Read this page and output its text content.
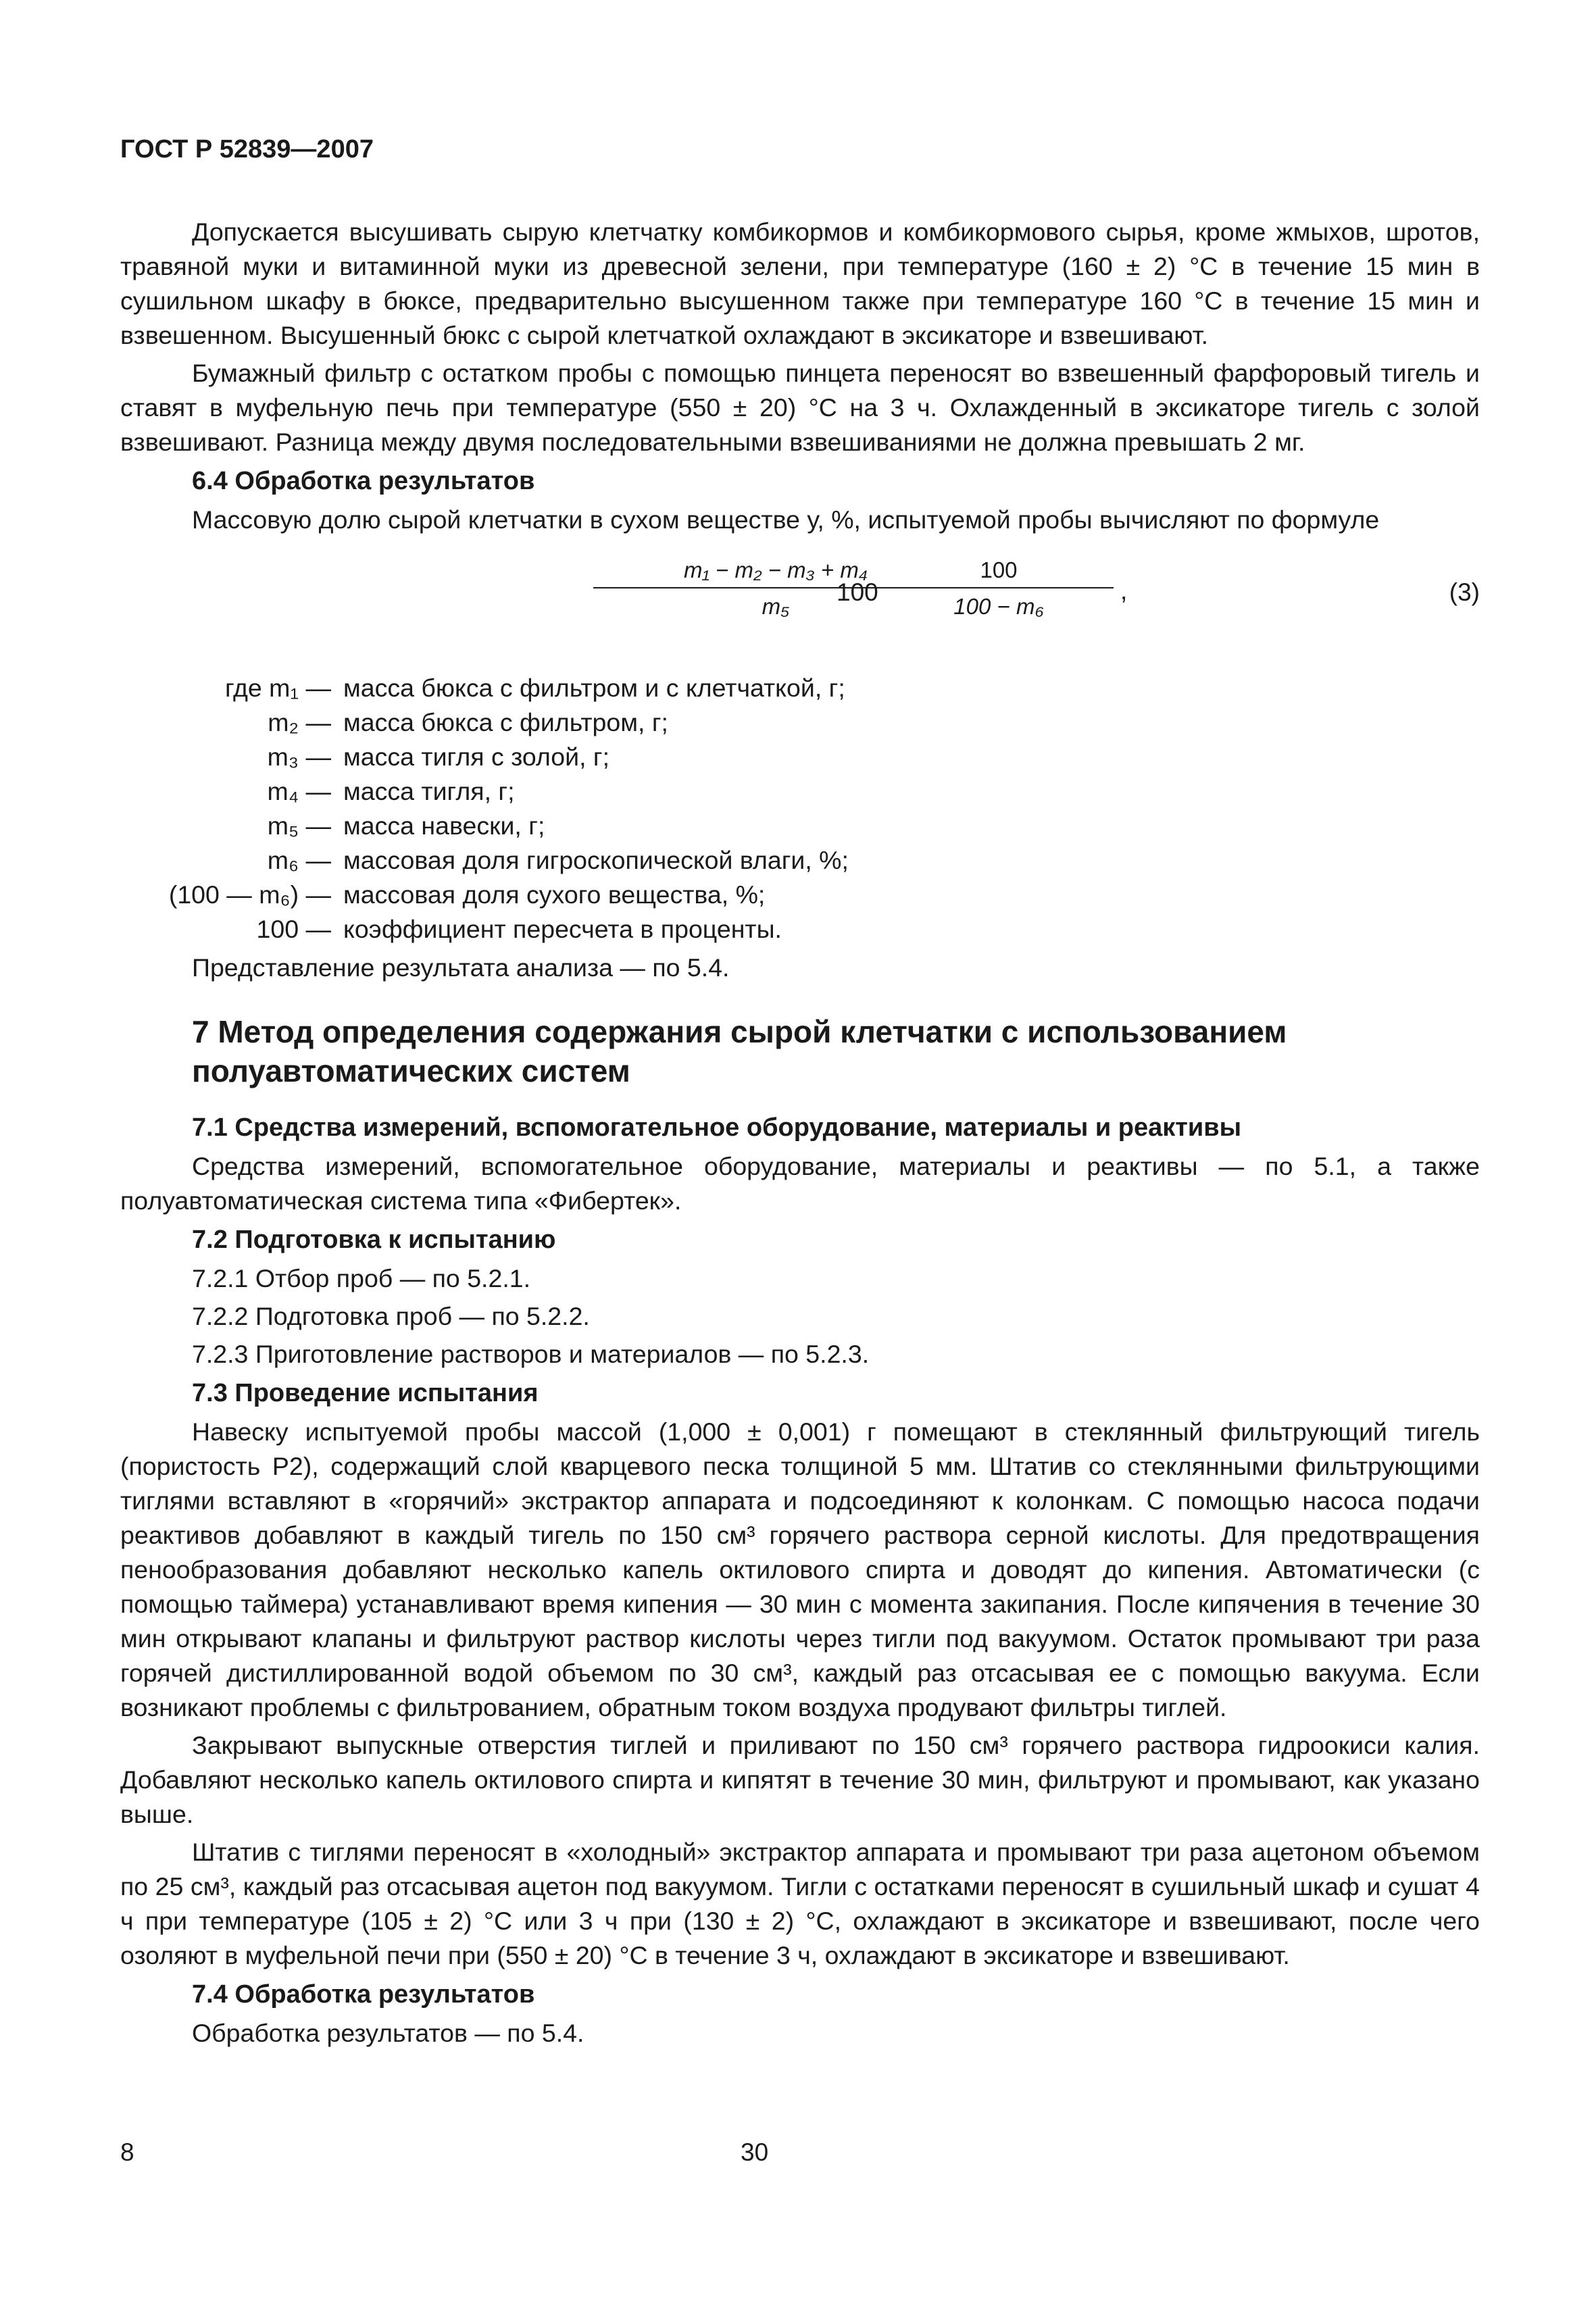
ГОСТ Р 52839—2007

Допускается высушивать сырую клетчатку комбикормов и комбикормового сырья, кроме жмыхов, шротов, травяной муки и витаминной муки из древесной зелени, при температуре (160 ± 2) °С в течение 15 мин в сушильном шкафу в бюксе, предварительно высушенном также при температуре 160 °С в течение 15 мин и взвешенном. Высушенный бюкс с сырой клетчаткой охлаждают в эксикаторе и взвешивают.

Бумажный фильтр с остатком пробы с помощью пинцета переносят во взвешенный фарфоровый тигель и ставят в муфельную печь при температуре (550 ± 20) °С на 3 ч. Охлажденный в эксикаторе тигель с золой взвешивают. Разница между двумя последовательными взвешиваниями не должна превышать 2 мг.

6.4 Обработка результатов

Массовую долю сырой клетчатки в сухом веществе у, %, испытуемой пробы вычисляют по формуле

$\frac{\text{m₁ − m₂ − m₃ + m₄}}{\text{m₅}}$
$100 \frac{100}{\text{100 − m₆}}$ ,	(3)
где m₁ — масса бюкса с фильтром и с клетчаткой, г;
m₂ — масса бюкса с фильтром, г;
m₃ — масса тигля с золой, г;
m₄ — масса тигля, г;
m₅ — масса навески, г;
m₆ — массовая доля гигроскопической влаги, %;
(100 — m₆) — массовая доля сухого вещества, %;
100 — коэффициент пересчета в проценты.
Представление результата анализа — по 5.4.
7 Метод определения содержания сырой клетчатки с использованием полуавтоматических систем
7.1 Средства измерений, вспомогательное оборудование, материалы и реактивы

Средства измерений, вспомогательное оборудование, материалы и реактивы — по 5.1, а также полуавтоматическая система типа «Фибертек».

7.2 Подготовка к испытанию
7.2.1 Отбор проб — по 5.2.1.
7.2.2 Подготовка проб — по 5.2.2.
7.2.3 Приготовление растворов и материалов — по 5.2.3.
7.3 Проведение испытания

Навеску испытуемой пробы массой (1,000 ± 0,001) г помещают в стеклянный фильтрующий тигель (пористость Р2), содержащий слой кварцевого песка толщиной 5 мм. Штатив со стеклянными фильтрующими тиглями вставляют в «горячий» экстрактор аппарата и подсоединяют к колонкам. С помощью насоса подачи реактивов добавляют в каждый тигель по 150 см³ горячего раствора серной кислоты. Для предотвращения пенообразования добавляют несколько капель октилового спирта и доводят до кипения. Автоматически (с помощью таймера) устанавливают время кипения — 30 мин с момента закипания. После кипячения в течение 30 мин открывают клапаны и фильтруют раствор кислоты через тигли под вакуумом. Остаток промывают три раза горячей дистиллированной водой объемом по 30 см³, каждый раз отсасывая ее с помощью вакуума. Если возникают проблемы с фильтрованием, обратным током воздуха продувают фильтры тиглей.

Закрывают выпускные отверстия тиглей и приливают по 150 см³ горячего раствора гидроокиси калия. Добавляют несколько капель октилового спирта и кипятят в течение 30 мин, фильтруют и промывают, как указано выше.

Штатив с тиглями переносят в «холодный» экстрактор аппарата и промывают три раза ацетоном объемом по 25 см³, каждый раз отсасывая ацетон под вакуумом. Тигли с остатками переносят в сушильный шкаф и сушат 4 ч при температуре (105 ± 2) °С или 3 ч при (130 ± 2) °С, охлаждают в эксикаторе и взвешивают, после чего озоляют в муфельной печи при (550 ± 20) °С в течение 3 ч, охлаждают в эксикаторе и взвешивают.

7.4 Обработка результатов
Обработка результатов — по 5.4.
8	30
